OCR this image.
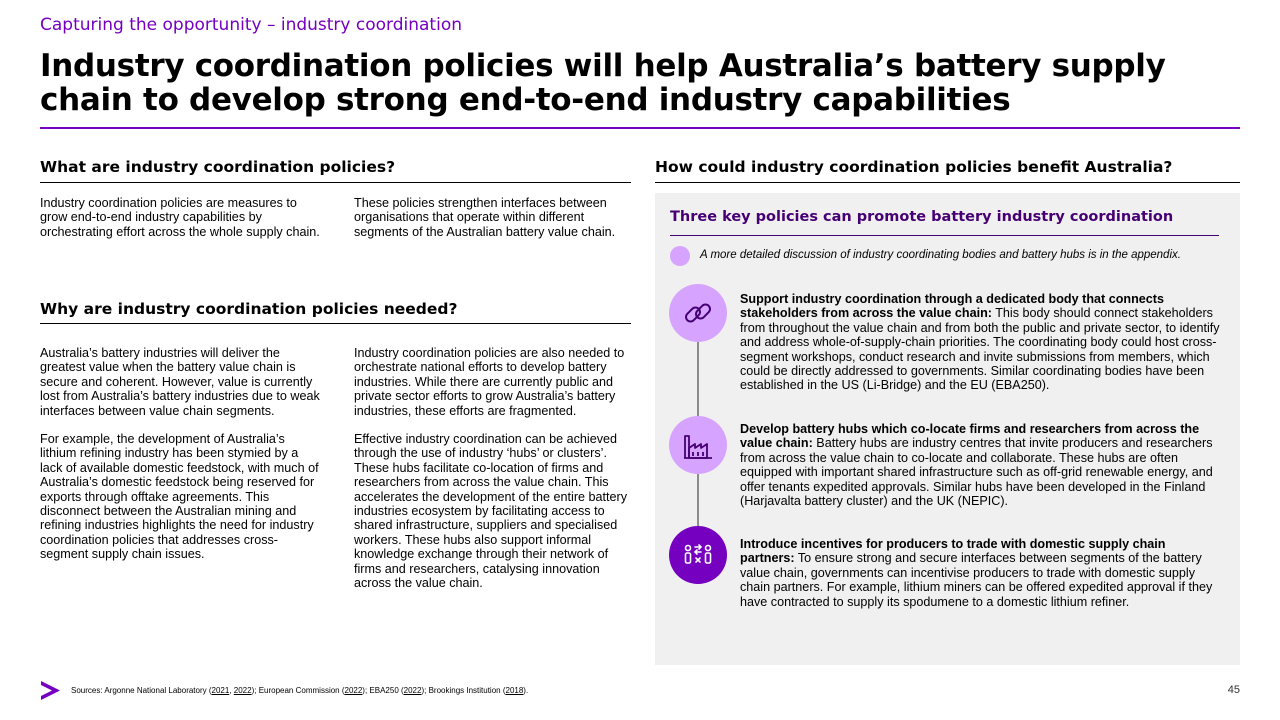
Capturing the opportunity – industry coordination
Industry coordination policies will help Australia’s battery supply chain to develop strong end-to-end industry capabilities
What are industry coordination policies?
Industry coordination policies are measures to grow end-to-end industry capabilities by orchestrating effort across the whole supply chain.
These policies strengthen interfaces between organisations that operate within different segments of the Australian battery value chain.
Why are industry coordination policies needed?

Australia’s battery industries will deliver the greatest value when the battery value chain is secure and coherent. However, value is currently lost from Australia’s battery industries due to weak interfaces between value chain segments.

For example, the development of Australia’s lithium refining industry has been stymied by a lack of available domestic feedstock, with much of Australia’s domestic feedstock being reserved for exports through offtake agreements. This disconnect between the Australian mining and refining industries highlights the need for industry coordination policies that addresses cross-segment supply chain issues.

Industry coordination policies are also needed to orchestrate national efforts to develop battery industries. While there are currently public and private sector efforts to grow Australia’s battery industries, these efforts are fragmented.

Effective industry coordination can be achieved through the use of industry ‘hubs’ or clusters’. These hubs facilitate co-location of firms and researchers from across the value chain. This accelerates the development of the entire battery industries ecosystem by facilitating access to shared infrastructure, suppliers and specialised workers. These hubs also support informal knowledge exchange through their network of firms and researchers, catalysing innovation across the value chain.

How could industry coordination policies benefit Australia?
Three key policies can promote battery industry coordination
A more detailed discussion of industry coordinating bodies and battery hubs is in the appendix.
Support industry coordination through a dedicated body that connects stakeholders from across the value chain: This body should connect stakeholders from throughout the value chain and from both the public and private sector, to identify and address whole-of-supply-chain priorities. The coordinating body could host cross-segment workshops, conduct research and invite submissions from members, which could be directly addressed to governments. Similar coordinating bodies have been established in the US (Li-Bridge) and the EU (EBA250).
Develop battery hubs which co-locate firms and researchers from across the value chain: Battery hubs are industry centres that invite producers and researchers from across the value chain to co-locate and collaborate. These hubs are often equipped with important shared infrastructure such as off-grid renewable energy, and offer tenants expedited approvals. Similar hubs have been developed in the Finland (Harjavalta battery cluster) and the UK (NEPIC).
Introduce incentives for producers to trade with domestic supply chain partners: To ensure strong and secure interfaces between segments of the battery value chain, governments can incentivise producers to trade with domestic supply chain partners. For example, lithium miners can be offered expedited approval if they have contracted to supply its spodumene to a domestic lithium refiner.
Sources: Argonne National Laboratory (2021, 2022); European Commission (2022); EBA250 (2022); Brookings Institution (2018).	45
